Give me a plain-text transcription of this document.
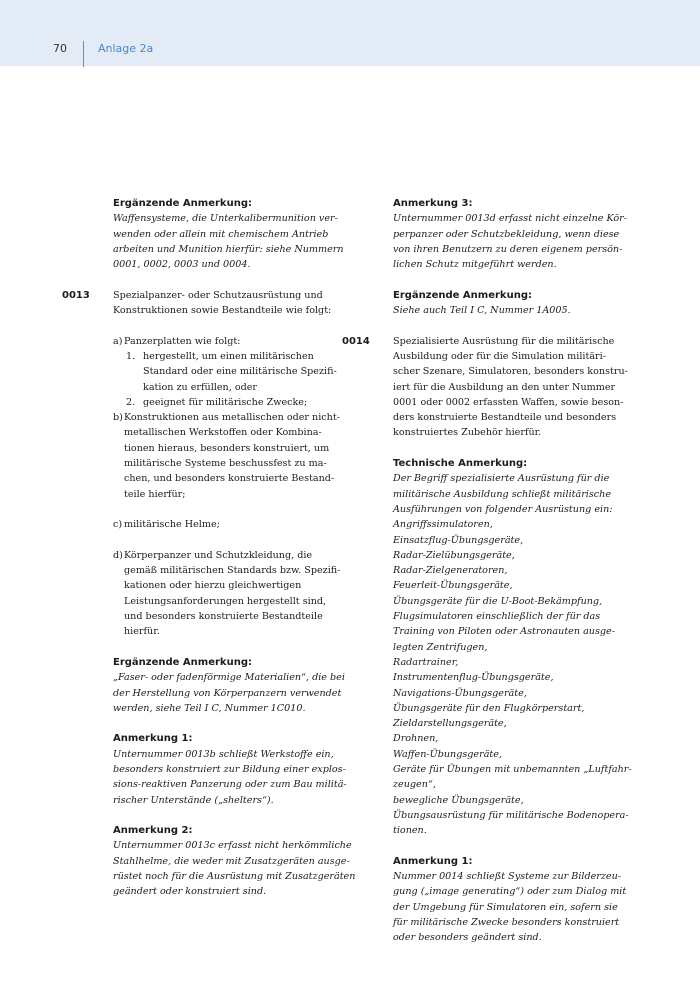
70	Anlage 2a
Ergänzende Anmerkung:
Waffensysteme, die Unterkalibermunition ver-
wenden oder allein mit chemischem Antrieb
arbeiten und Munition hierfür: siehe Nummern
0001, 0002, 0003 und 0004.
0013 Spezialpanzer- oder Schutzausrüstung und
Konstruktionen sowie Bestandteile wie folgt:
a) Panzerplatten wie folgt:
1. hergestellt, um einen militärischen
Standard oder eine militärische Spezifi-
kation zu erfüllen, oder
2. geeignet für militärische Zwecke;
b) Konstruktionen aus metallischen oder nicht-
metallischen Werkstoffen oder Kombina-
tionen hieraus, besonders konstruiert, um
militärische Systeme beschussfest zu ma-
chen, und besonders konstruierte Bestand-
teile hierfür;
c) militärische Helme;
d) Körperpanzer und Schutzkleidung, die
gemäß militärischen Standards bzw. Spezifi-
kationen oder hierzu gleichwertigen
Leistungsanforderungen hergestellt sind,
und besonders konstruierte Bestandteile
hierfür.
Ergänzende Anmerkung:
„Faser- oder fadenförmige Materialien“, die bei
der Herstellung von Körperpanzern verwendet
werden, siehe Teil I C, Nummer 1C010.
Anmerkung 1:
Unternummer 0013b schließt Werkstoffe ein,
besonders konstruiert zur Bildung einer explos-
sions-reaktiven Panzerung oder zum Bau militä-
rischer Unterstände („shelters“).
Anmerkung 2:
Unternummer 0013c erfasst nicht herkömmliche
Stahlhelme, die weder mit Zusatzgeräten ausge-
rüstet noch für die Ausrüstung mit Zusatzgeräten
geändert oder konstruiert sind.
Anmerkung 3:
Unternummer 0013d erfasst nicht einzelne Kör-
perpanzer oder Schutzbekleidung, wenn diese
von ihren Benutzern zu deren eigenem persön-
lichen Schutz mitgeführt werden.
Ergänzende Anmerkung:
Siehe auch Teil I C, Nummer 1A005.
0014 Spezialisierte Ausrüstung für die militärische
Ausbildung oder für die Simulation militäri-
scher Szenare, Simulatoren, besonders konstru-
iert für die Ausbildung an den unter Nummer
0001 oder 0002 erfassten Waffen, sowie beson-
ders konstruierte Bestandteile und besonders
konstruiertes Zubehör hierfür.
Technische Anmerkung:
Der Begriff spezialisierte Ausrüstung für die
militärische Ausbildung schließt militärische
Ausführungen von folgender Ausrüstung ein:
Angriffssimulatoren,
Einsatzflug-Übungsgeräte,
Radar-Zielübungsgeräte,
Radar-Zielgeneratoren,
Feuerleit-Übungsgeräte,
Übungsgeräte für die U-Boot-Bekämpfung,
Flugsimulatoren einschließlich der für das
Training von Piloten oder Astronauten ausge-
legten Zentrifugen,
Radartrainer,
Instrumentenflug-Übungsgeräte,
Navigations-Übungsgeräte,
Übungsgeräte für den Flugkörperstart,
Zieldarstellungsgeräte,
Drohnen,
Waffen-Übungsgeräte,
Geräte für Übungen mit unbemannten „Luftfahr-
zeugen“,
bewegliche Übungsgeräte,
Übungsausrüstung für militärische Bodenopera-
tionen.
Anmerkung 1:
Nummer 0014 schließt Systeme zur Bilderzeu-
gung („image generating“) oder zum Dialog mit
der Umgebung für Simulatoren ein, sofern sie
für militärische Zwecke besonders konstruiert
oder besonders geändert sind.
